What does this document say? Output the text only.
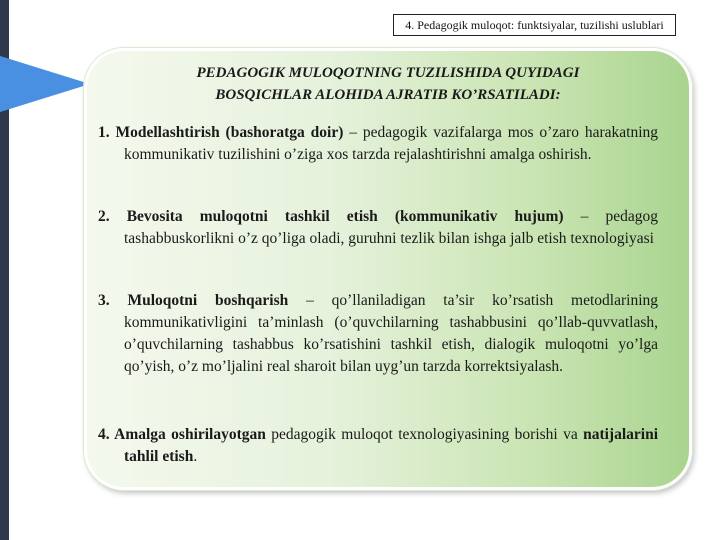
4. Pedagogik muloqot: funktsiyalar, tuzilishi uslublari
PEDAGOGIK MULOQOTNING TUZILISHIDA QUYIDAGI
BOSQICHLAR ALOHIDA AJRATIB KO’RSATILADI:
1. Modellashtirish (bashoratga doir) – pedagogik vazifalarga mos o’zaro harakatning kommunikativ tuzilishini o’ziga xos tarzda rejalashtirishni amalga oshirish.
2. Bevosita muloqotni tashkil etish (kommunikativ hujum) – pedagog tashabbuskorlikni o’z qo’liga oladi, guruhni tezlik bilan ishga jalb etish texnologiyasi
3. Muloqotni boshqarish – qo’llaniladigan ta’sir ko’rsatish metodlarining kommunikativligini ta’minlash (o’quvchilarning tashabbusini qo’llab-quvvatlash, o’quvchilarning tashabbus ko’rsatishini tashkil etish, dialogik muloqotni yo’lga qo’yish, o’z mo’ljalini real sharoit bilan uyg’un tarzda korrektsiyalash.
4. Amalga oshirilayotgan pedagogik muloqot texnologiyasining borishi va natijalarini tahlil etish.
